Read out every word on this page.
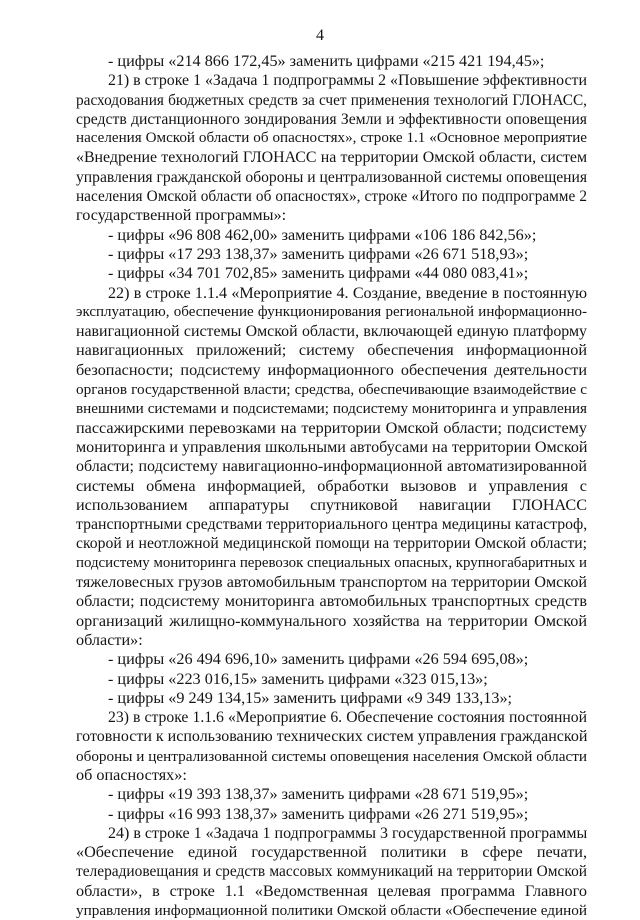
4
- цифры «214 866 172,45» заменить цифрами «215 421 194,45»;
21) в строке 1 «Задача 1 подпрограммы 2 «Повышение эффективности
расходования бюджетных средств за счет применения технологий ГЛОНАСС,
средств дистанционного зондирования Земли и эффективности оповещения
населения Омской области об опасностях», строке 1.1 «Основное мероприятие
«Внедрение технологий ГЛОНАСС на территории Омской области, систем
управления гражданской обороны и централизованной системы оповещения
населения Омской области об опасностях», строке «Итого по подпрограмме 2
государственной программы»:
- цифры «96 808 462,00» заменить цифрами «106 186 842,56»;
- цифры «17 293 138,37» заменить цифрами «26 671 518,93»;
- цифры «34 701 702,85» заменить цифрами «44 080 083,41»;
22) в строке 1.1.4 «Мероприятие 4. Создание, введение в постоянную
эксплуатацию, обеспечение функционирования региональной информационно-
навигационной системы Омской области, включающей единую платформу
навигационных приложений; систему обеспечения информационной
безопасности; подсистему информационного обеспечения деятельности
органов государственной власти; средства, обеспечивающие взаимодействие с
внешними системами и подсистемами; подсистему мониторинга и управления
пассажирскими перевозками на территории Омской области; подсистему
мониторинга и управления школьными автобусами на территории Омской
области; подсистему навигационно-информационной автоматизированной
системы обмена информацией, обработки вызовов и управления с
использованием аппаратуры спутниковой навигации ГЛОНАСС
транспортными средствами территориального центра медицины катастроф,
скорой и неотложной медицинской помощи на территории Омской области;
подсистему мониторинга перевозок специальных опасных, крупногабаритных и
тяжеловесных грузов автомобильным транспортом на территории Омской
области; подсистему мониторинга автомобильных транспортных средств
организаций жилищно-коммунального хозяйства на территории Омской
области»:
- цифры «26 494 696,10» заменить цифрами «26 594 695,08»;
- цифры «223 016,15» заменить цифрами «323 015,13»;
- цифры «9 249 134,15» заменить цифрами «9 349 133,13»;
23) в строке 1.1.6 «Мероприятие 6. Обеспечение состояния постоянной
готовности к использованию технических систем управления гражданской
обороны и централизованной системы оповещения населения Омской области
об опасностях»:
- цифры «19 393 138,37» заменить цифрами «28 671 519,95»;
- цифры «16 993 138,37» заменить цифрами «26 271 519,95»;
24) в строке 1 «Задача 1 подпрограммы 3 государственной программы
«Обеспечение единой государственной политики в сфере печати,
телерадиовещания и средств массовых коммуникаций на территории Омской
области», в строке 1.1 «Ведомственная целевая программа Главного
управления информационной политики Омской области «Обеспечение единой
